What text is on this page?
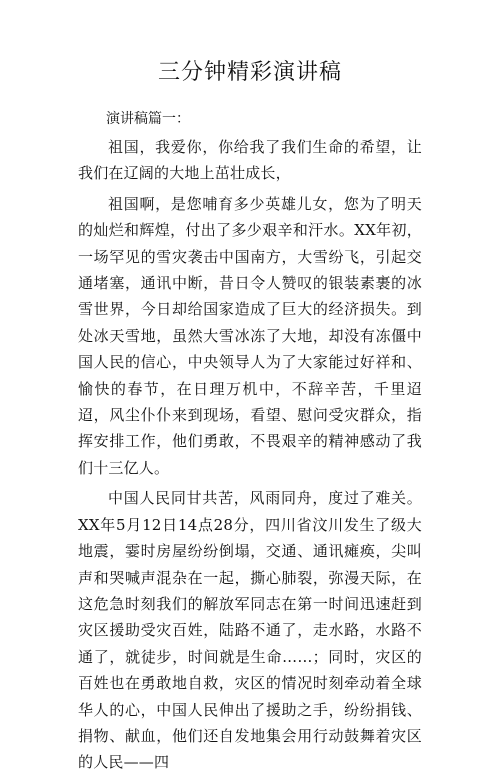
三分钟精彩演讲稿
演讲稿篇一：

祖国，我爱你，你给我了我们生命的希望，让我们在辽阔的大地上茁壮成长，

祖国啊，是您哺育多少英雄儿女，您为了明天的灿烂和辉煌，付出了多少艰辛和汗水。XX年初，一场罕见的雪灾袭击中国南方，大雪纷飞，引起交通堵塞，通讯中断，昔日令人赞叹的银装素裹的冰雪世界，今日却给国家造成了巨大的经济损失。到处冰天雪地，虽然大雪冰冻了大地，却没有冻僵中国人民的信心，中央领导人为了大家能过好祥和、愉快的春节，在日理万机中，不辞辛苦，千里迢迢，风尘仆仆来到现场，看望、慰问受灾群众，指挥安排工作，他们勇敢，不畏艰辛的精神感动了我们十三亿人。

中国人民同甘共苦，风雨同舟，度过了难关。XX年5月12日14点28分，四川省汶川发生了级大地震，霎时房屋纷纷倒塌，交通、通讯瘫痪，尖叫声和哭喊声混杂在一起，撕心肺裂，弥漫天际，在这危急时刻我们的解放军同志在第一时间迅速赶到灾区援助受灾百姓，陆路不通了，走水路，水路不通了，就徒步，时间就是生命……；同时，灾区的百姓也在勇敢地自救，灾区的情况时刻牵动着全球华人的心，中国人民伸出了援助之手，纷纷捐钱、捐物、献血，他们还自发地集会用行动鼓舞着灾区的人民——四
